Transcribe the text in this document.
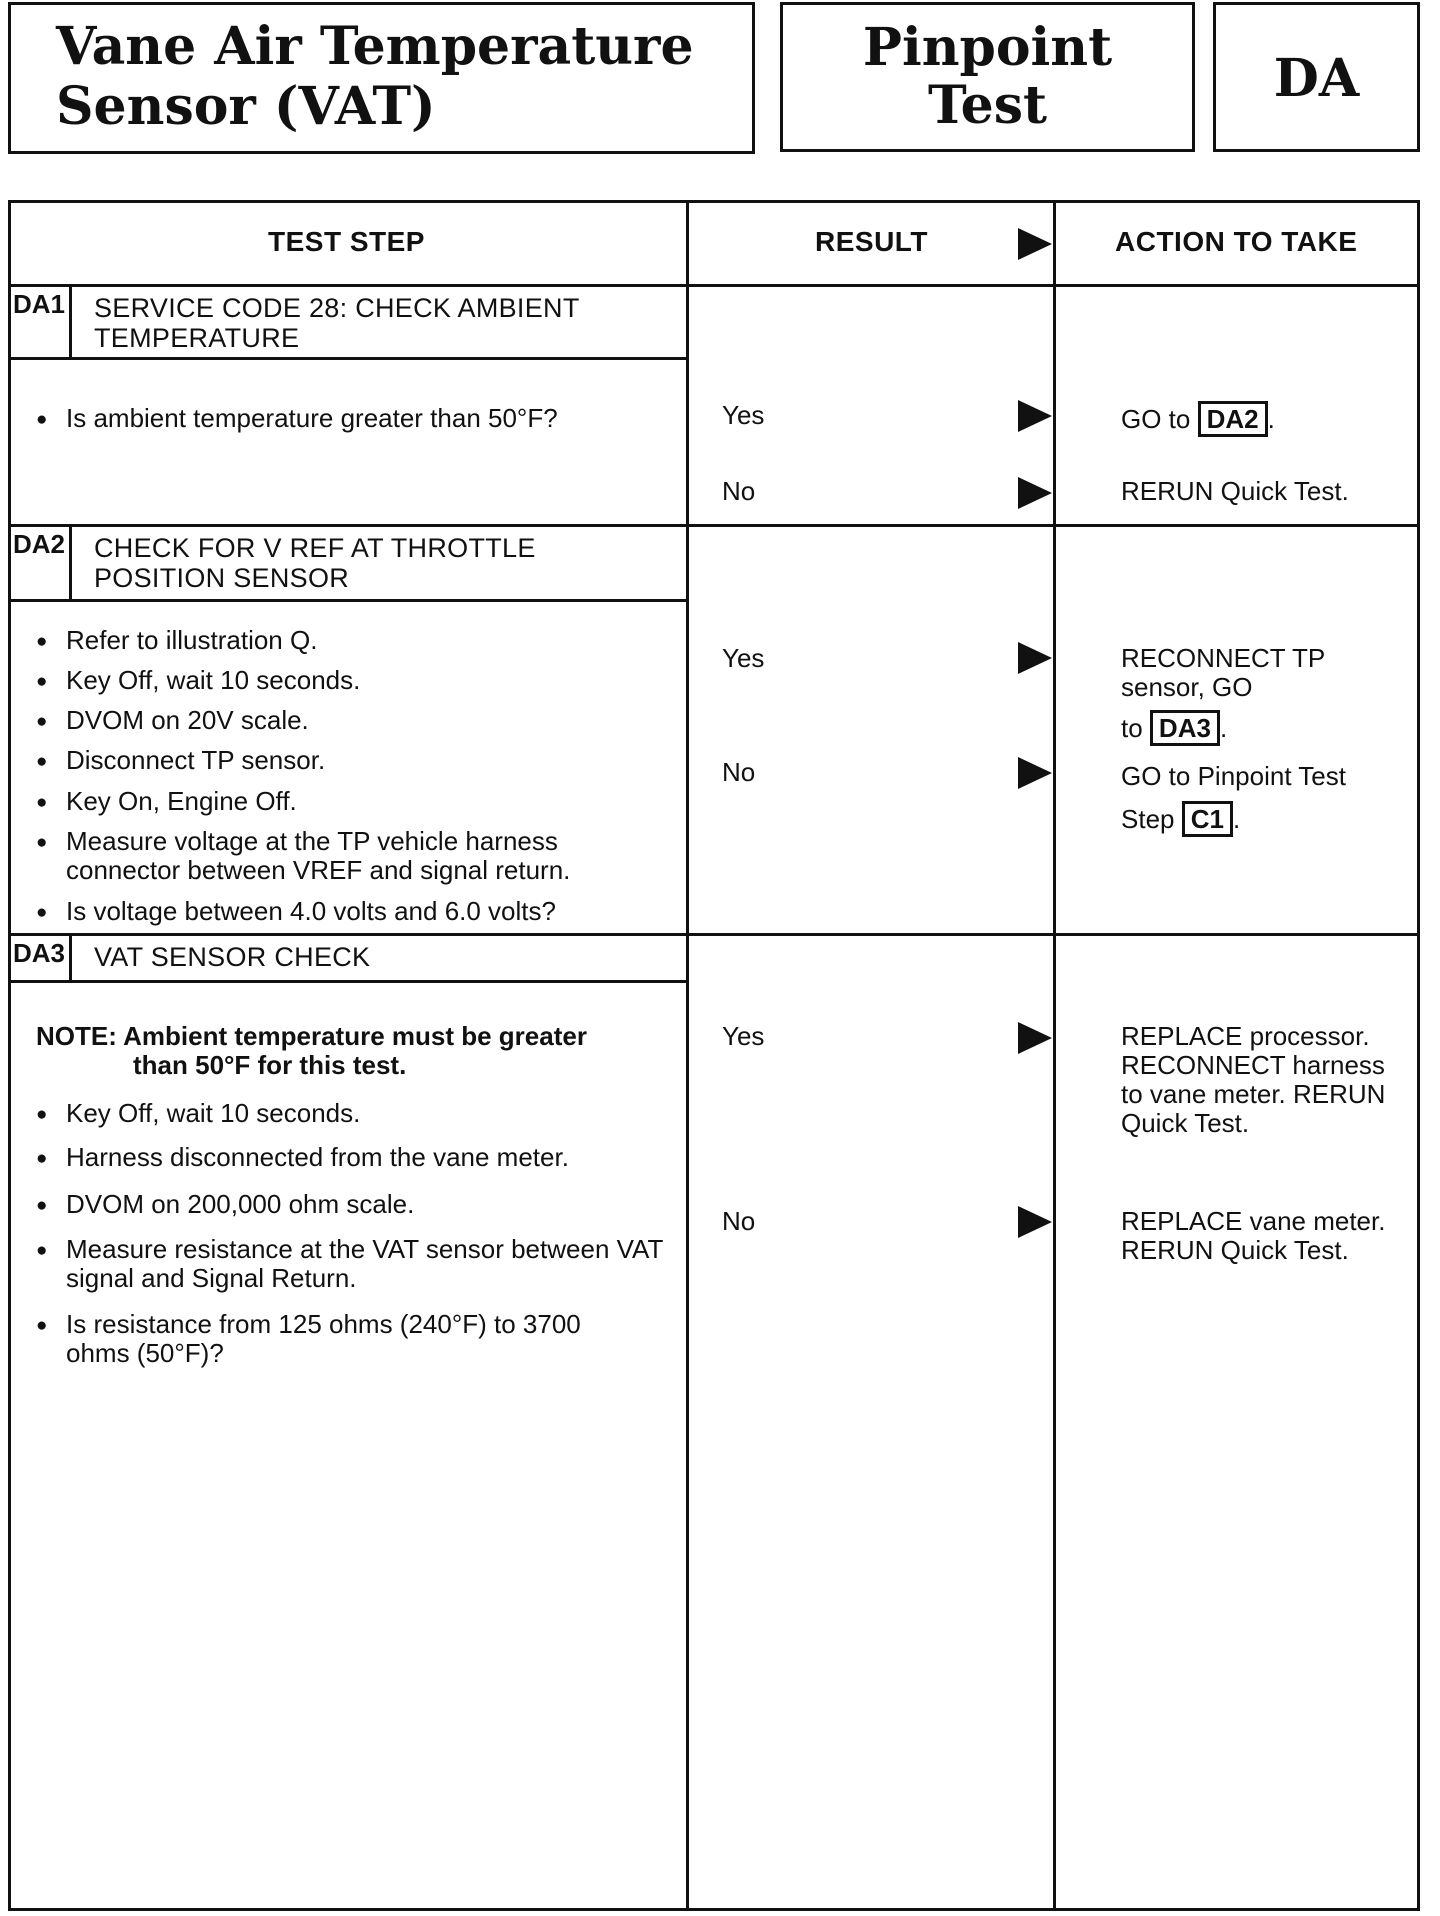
Vane Air Temperature
Sensor (VAT)
Pinpoint
Test	DA
TEST STEP	RESULT	ACTION TO TAKE
DA1 SERVICE CODE 28: CHECK AMBIENT
TEMPERATURE
● Is ambient temperature greater than 50°F?	Yes	GO to DA2 .
No	RERUN Quick Test.
DA2 CHECK FOR V REF AT THROTTLE
POSITION SENSOR
● Refer to illustration Q.
● Key Off, wait 10 seconds.
● DVOM on 20V scale.
● Disconnect TP sensor.
● Key On, Engine Off.
● Measure voltage at the TP vehicle harness connector between VREF and signal return.
● Is voltage between 4.0 volts and 6.0 volts?
Yes	RECONNECT TP
sensor, GO
to DA3 .
No	GO to Pinpoint Test
Step C1 .
DA3 VAT SENSOR CHECK
NOTE: Ambient temperature must be greater
than 50°F for this test.
● Key Off, wait 10 seconds.
● Harness disconnected from the vane meter.
● DVOM on 200,000 ohm scale.
● Measure resistance at the VAT sensor between VAT signal and Signal Return.
● Is resistance from 125 ohms (240°F) to 3700 ohms (50°F)?
Yes	REPLACE processor. RECONNECT harness to vane meter. RERUN Quick Test.
No	REPLACE vane meter. RERUN Quick Test.
